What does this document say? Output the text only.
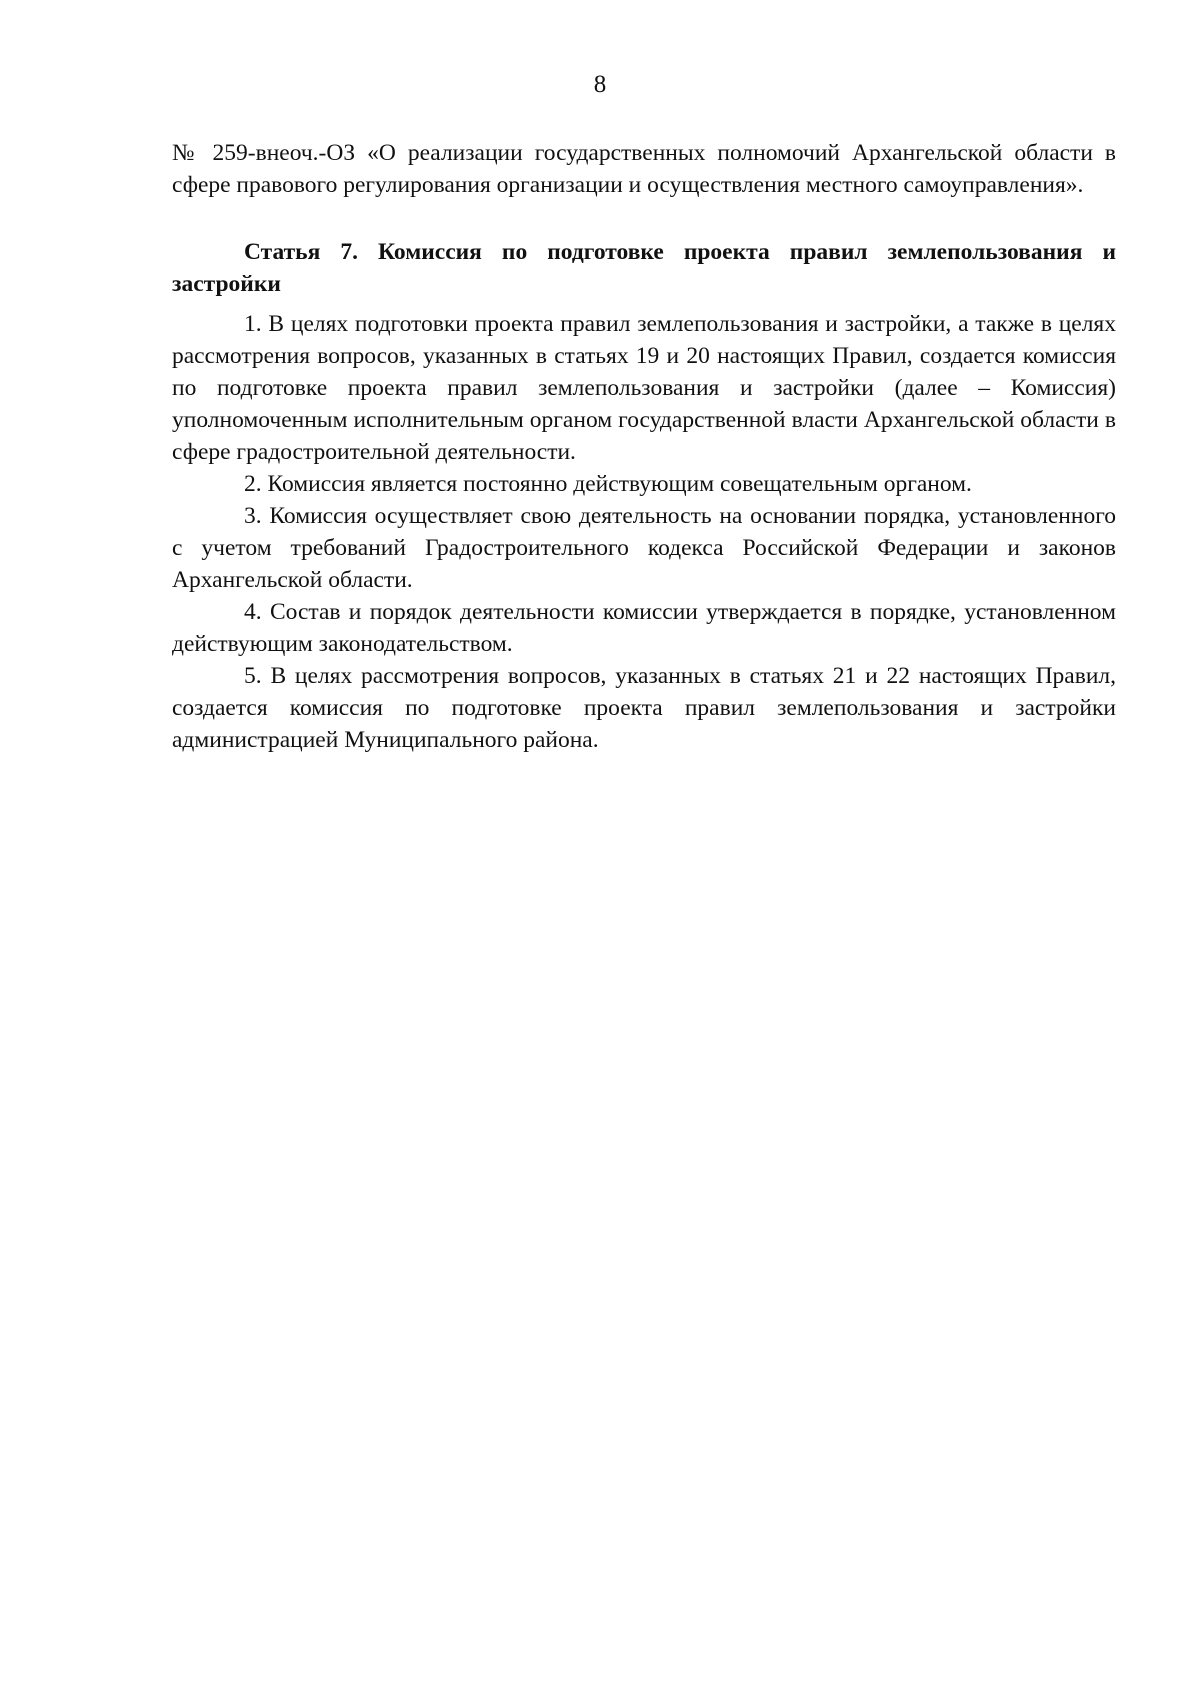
8

№ 259-внеоч.-ОЗ «О реализации государственных полномочий Архангельской области в сфере правового регулирования организации и осуществления местного самоуправления».

Статья 7. Комиссия по подготовке проекта правил землепользования и застройки

1. В целях подготовки проекта правил землепользования и застройки, а также в целях рассмотрения вопросов, указанных в статьях 19 и 20 настоящих Правил, создается комиссия по подготовке проекта правил землепользования и застройки (далее – Комиссия) уполномоченным исполнительным органом государственной власти Архангельской области в сфере градостроительной деятельности.

2. Комиссия является постоянно действующим совещательным органом.

3. Комиссия осуществляет свою деятельность на основании порядка, установленного с учетом требований Градостроительного кодекса Российской Федерации и законов Архангельской области.

4. Состав и порядок деятельности комиссии утверждается в порядке, установленном действующим законодательством.

5. В целях рассмотрения вопросов, указанных в статьях 21 и 22 настоящих Правил, создается комиссия по подготовке проекта правил землепользования и застройки администрацией Муниципального района.
